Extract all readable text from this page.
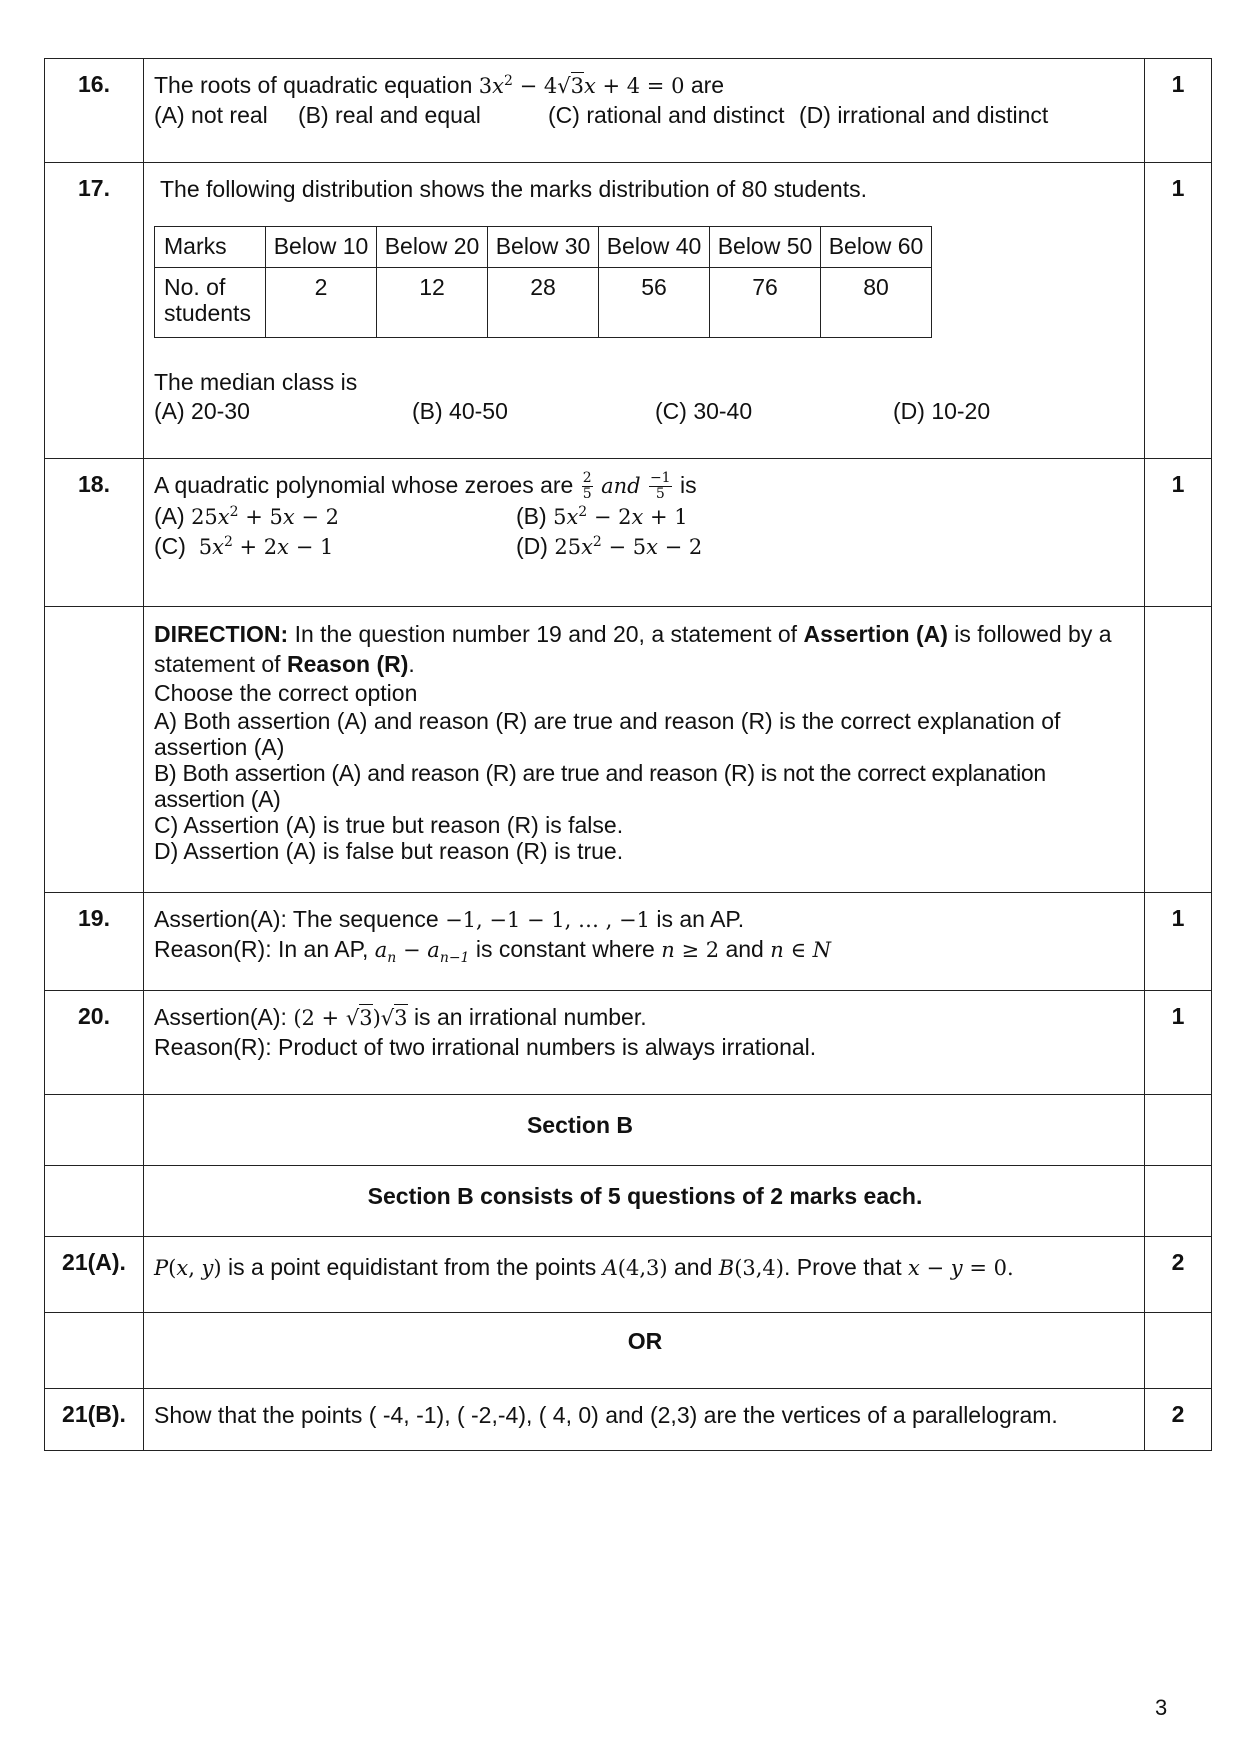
16.	The roots of quadratic equation $3x^2 - 4√3x + 4 = 0$ are
(A) not real (B) real and equal	(C) rational and distinct (D) irrational and distinct
	1
17.	The following distribution shows the marks distribution of 80 students.
Marks	Below 10	Below 20	Below 30	Below 40	Below 50	Below 60
No. of students	2	12	28	56	76	80
The median class is
(A) 20-30	(B) 40-50	(C) 30-40	(D) 10-20
	1
18.	A quadratic polynomial whose zeroes are $\frac{2}{5}$ and $\frac{-1}{5}$ is
(A) $25x^2 + 5x - 2$	(B) $5x^2 - 2x + 1$
(C) $5x^2 + 2x - 1$	(D) $25x^2 - 5x - 2$
	1

DIRECTION: In the question number 19 and 20, a statement of Assertion (A) is followed by a statement of Reason (R).
Choose the correct option
A) Both assertion (A) and reason (R) are true and reason (R) is the correct explanation of assertion (A)
B) Both assertion (A) and reason (R) are true and reason (R) is not the correct explanation assertion (A)
C) Assertion (A) is true but reason (R) is false.
D) Assertion (A) is false but reason (R) is true.

19.	Assertion(A): The sequence −1, −1 − 1, … , −1 is an AP.
Reason(R): In an AP, $a_n - a_{n-1}$ is constant where n ≥ 2 and n ∈ N
	1
20.	Assertion(A): (2 + √3)√3 is an irrational number.
Reason(R): Product of two irrational numbers is always irrational.
	1

Section B

Section B consists of 5 questions of 2 marks each.

21(A).	P(x, y) is a point equidistant from the points A(4,3) and B(3,4). Prove that x − y = 0.	2

OR

21(B).	Show that the points ( -4, -1), ( -2,-4), ( 4, 0) and (2,3) are the vertices of a parallelogram.	2
3
